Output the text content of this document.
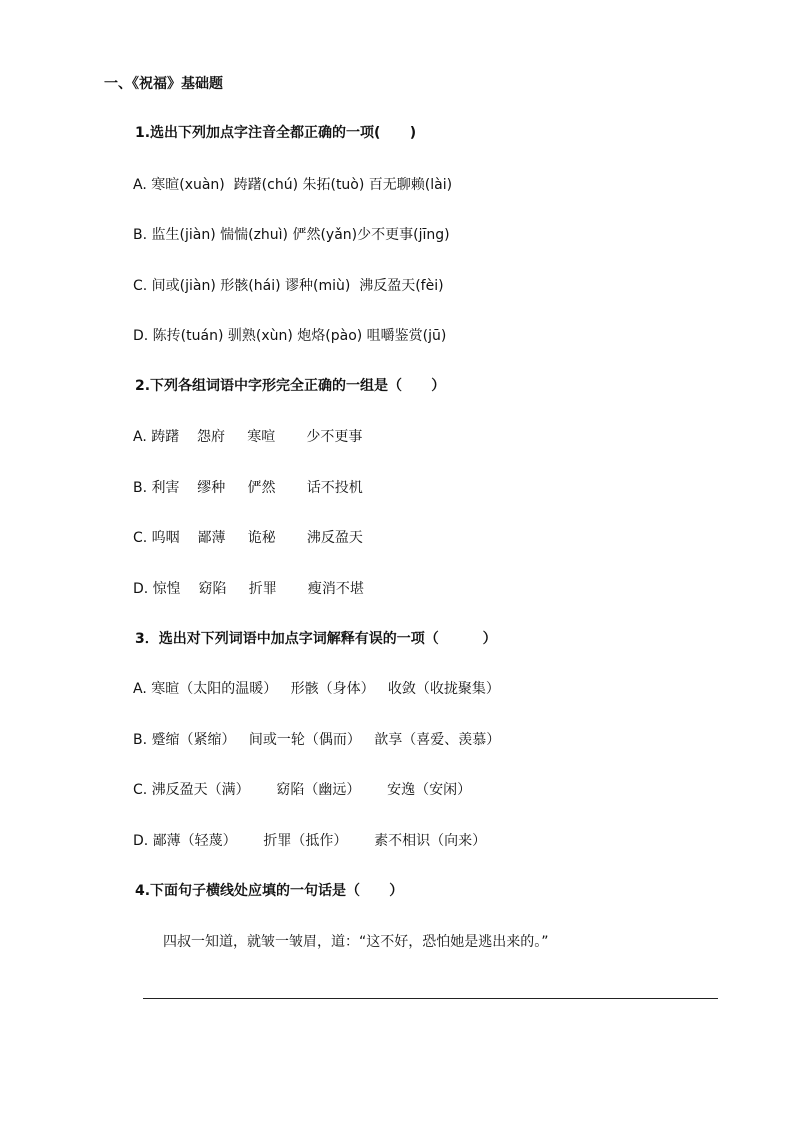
一、《祝福》基础题
1.选出下列加点字注音全都正确的一项(      )
A. 寒暄(xuàn)  踌躇(chú) 朱拓(tuò) 百无聊赖(lài)
B. 监生(jiàn) 惴惴(zhuì) 俨然(yǎn)少不更事(jīng)
C. 间或(jiàn) 形骸(hái) 谬种(miù)  沸反盈天(fèi)
D. 陈抟(tuán) 驯熟(xùn) 炮烙(pào) 咀嚼鉴赏(jū)
2.下列各组词语中字形完全正确的一组是（      ）
A. 踌躇    怨府     寒喧       少不更事
B. 利害    缪种     俨然       话不投机
C. 呜咽    鄙薄     诡秘       沸反盈天
D. 惊惶    窈陷     折罪       瘦消不堪
3．选出对下列词语中加点字词解释有误的一项（         ）
A. 寒暄（太阳的温暖）   形骸（身体）   收敛（收拢聚集）
B. 蹙缩（紧缩）   间或一轮（偶而）   歆享（喜爱、羡慕）
C. 沸反盈天（满）      窈陷（幽远）      安逸（安闲）
D. 鄙薄（轻蔑）      折罪（抵作）      素不相识（向来）
4.下面句子横线处应填的一句话是（      ）
四叔一知道，就皱一皱眉，道：“这不好，恐怕她是逃出来的。”
